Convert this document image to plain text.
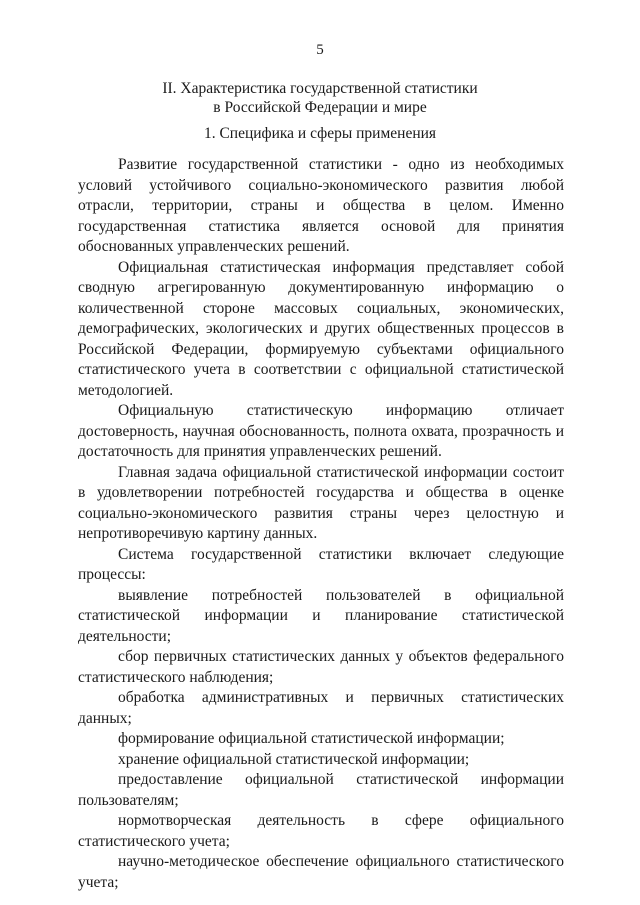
5
II. Характеристика государственной статистики
в Российской Федерации и мире
1. Специфика и сферы применения

Развитие государственной статистики - одно из необходимых условий устойчивого социально-экономического развития любой отрасли, территории, страны и общества в целом. Именно государственная статистика является основой для принятия обоснованных управленческих решений.

Официальная статистическая информация представляет собой сводную агрегированную документированную информацию о количественной стороне массовых социальных, экономических, демографических, экологических и других общественных процессов в Российской Федерации, формируемую субъектами официального статистического учета в соответствии с официальной статистической методологией.

Официальную статистическую информацию отличает достоверность, научная обоснованность, полнота охвата, прозрачность и достаточность для принятия управленческих решений.

Главная задача официальной статистической информации состоит в удовлетворении потребностей государства и общества в оценке социально-экономического развития страны через целостную и непротиворечивую картину данных.

Система государственной статистики включает следующие процессы:

выявление потребностей пользователей в официальной статистической информации и планирование статистической деятельности;

сбор первичных статистических данных у объектов федерального статистического наблюдения;

обработка административных и первичных статистических данных;

формирование официальной статистической информации;

хранение официальной статистической информации;

предоставление официальной статистической информации пользователям;

нормотворческая деятельность в сфере официального статистического учета;

научно-методическое обеспечение официального статистического учета;
